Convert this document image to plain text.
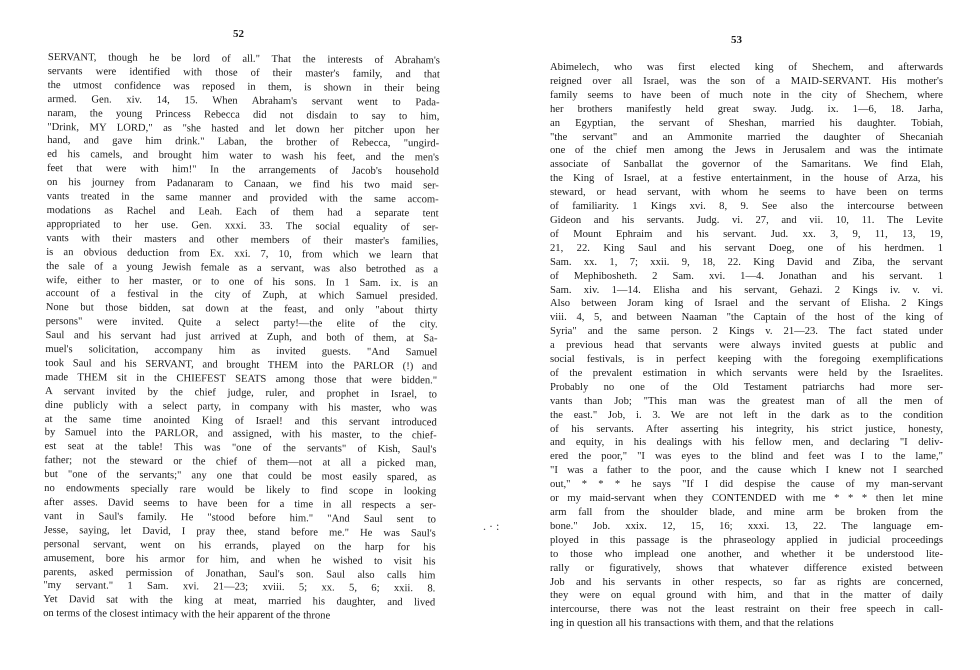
52
SERVANT, though he be lord of all." That the interests of Abraham's
servants were identified with those of their master's family, and that
the utmost confidence was reposed in them, is shown in their being
armed. Gen. xiv. 14, 15. When Abraham's servant went to Pada-
naram, the young Princess Rebecca did not disdain to say to him,
"Drink, MY LORD," as "she hasted and let down her pitcher upon her
hand, and gave him drink." Laban, the brother of Rebecca, "ungird-
ed his camels, and brought him water to wash his feet, and the men's
feet that were with him!" In the arrangements of Jacob's household
on his journey from Padanaram to Canaan, we find his two maid ser-
vants treated in the same manner and provided with the same accom-
modations as Rachel and Leah. Each of them had a separate tent
appropriated to her use. Gen. xxxi. 33. The social equality of ser-
vants with their masters and other members of their master's families,
is an obvious deduction from Ex. xxi. 7, 10, from which we learn that
the sale of a young Jewish female as a servant, was also betrothed as a
wife, either to her master, or to one of his sons. In 1 Sam. ix. is an
account of a festival in the city of Zuph, at which Samuel presided.
None but those bidden, sat down at the feast, and only "about thirty
persons" were invited. Quite a select party!—the elite of the city.
Saul and his servant had just arrived at Zuph, and both of them, at Sa-
muel's solicitation, accompany him as invited guests. "And Samuel
took Saul and his SERVANT, and brought THEM into the PARLOR (!) and
made THEM sit in the CHIEFEST SEATS among those that were bidden."
A servant invited by the chief judge, ruler, and prophet in Israel, to
dine publicly with a select party, in company with his master, who was
at the same time anointed King of Israel! and this servant introduced
by Samuel into the PARLOR, and assigned, with his master, to the chief-
est seat at the table! This was "one of the servants" of Kish, Saul's
father; not the steward or the chief of them—not at all a picked man,
but "one of the servants;" any one that could be most easily spared, as
no endowments specially rare would be likely to find scope in looking
after asses. David seems to have been for a time in all respects a ser-
vant in Saul's family. He "stood before him." "And Saul sent to
Jesse, saying, let David, I pray thee, stand before me." He was Saul's
personal servant, went on his errands, played on the harp for his
amusement, bore his armor for him, and when he wished to visit his
parents, asked permission of Jonathan, Saul's son. Saul also calls him
"my servant." 1 Sam. xvi. 21—23; xviii. 5; xx. 5, 6; xxii. 8.
Yet David sat with the king at meat, married his daughter, and lived
on terms of the closest intimacy with the heir apparent of the throne
53
Abimelech, who was first elected king of Shechem, and afterwards
reigned over all Israel, was the son of a MAID-SERVANT. His mother's
family seems to have been of much note in the city of Shechem, where
her brothers manifestly held great sway. Judg. ix. 1—6, 18. Jarha,
an Egyptian, the servant of Sheshan, married his daughter. Tobiah,
"the servant" and an Ammonite married the daughter of Shecaniah
one of the chief men among the Jews in Jerusalem and was the intimate
associate of Sanballat the governor of the Samaritans. We find Elah,
the King of Israel, at a festive entertainment, in the house of Arza, his
steward, or head servant, with whom he seems to have been on terms
of familiarity. 1 Kings xvi. 8, 9. See also the intercourse between
Gideon and his servants. Judg. vi. 27, and vii. 10, 11. The Levite
of Mount Ephraim and his servant. Jud. xx. 3, 9, 11, 13, 19,
21, 22. King Saul and his servant Doeg, one of his herdmen. 1
Sam. xx. 1, 7; xxii. 9, 18, 22. King David and Ziba, the servant
of Mephibosheth. 2 Sam. xvi. 1—4. Jonathan and his servant. 1
Sam. xiv. 1—14. Elisha and his servant, Gehazi. 2 Kings iv. v. vi.
Also between Joram king of Israel and the servant of Elisha. 2 Kings
viii. 4, 5, and between Naaman "the Captain of the host of the king of
Syria" and the same person. 2 Kings v. 21—23. The fact stated under
a previous head that servants were always invited guests at public and
social festivals, is in perfect keeping with the foregoing exemplifications
of the prevalent estimation in which servants were held by the Israelites.
Probably no one of the Old Testament patriarchs had more ser-
vants than Job; "This man was the greatest man of all the men of
the east." Job, i. 3. We are not left in the dark as to the condition
of his servants. After asserting his integrity, his strict justice, honesty,
and equity, in his dealings with his fellow men, and declaring "I deliv-
ered the poor," "I was eyes to the blind and feet was I to the lame,"
"I was a father to the poor, and the cause which I knew not I searched
out," * * * he says "If I did despise the cause of my man-servant
or my maid-servant when they CONTENDED with me * * * then let mine
arm fall from the shoulder blade, and mine arm be broken from the
bone." Job. xxix. 12, 15, 16; xxxi. 13, 22. The language em-
ployed in this passage is the phraseology applied in judicial proceedings
to those who implead one another, and whether it be understood lite-
rally or figuratively, shows that whatever difference existed between
Job and his servants in other respects, so far as rights are concerned,
they were on equal ground with him, and that in the matter of daily
intercourse, there was not the least restraint on their free speech in call-
ing in question all his transactions with them, and that the relations
. · :
